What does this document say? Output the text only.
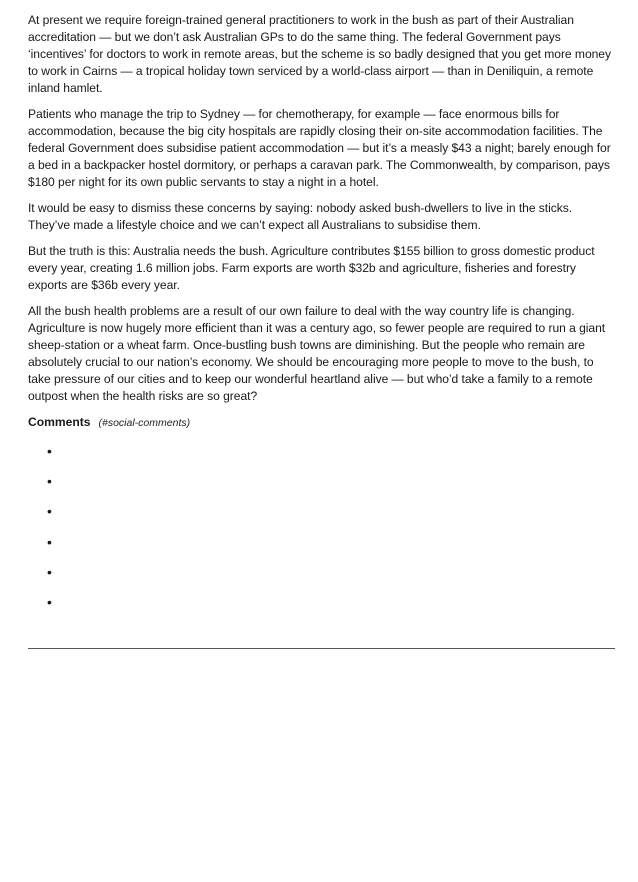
At present we require foreign-trained general practitioners to work in the bush as part of their Australian accreditation — but we don’t ask Australian GPs to do the same thing. The federal Government pays ‘incentives’ for doctors to work in remote areas, but the scheme is so badly designed that you get more money to work in Cairns — a tropical holiday town serviced by a world-class airport — than in Deniliquin, a remote inland hamlet.

Patients who manage the trip to Sydney — for chemotherapy, for example — face enormous bills for accommodation, because the big city hospitals are rapidly closing their on-site accommodation facilities. The federal Government does subsidise patient accommodation — but it’s a measly $43 a night; barely enough for a bed in a backpacker hostel dormitory, or perhaps a caravan park. The Commonwealth, by comparison, pays $180 per night for its own public servants to stay a night in a hotel.

It would be easy to dismiss these concerns by saying: nobody asked bush-dwellers to live in the sticks. They’ve made a lifestyle choice and we can’t expect all Australians to subsidise them.

But the truth is this: Australia needs the bush. Agriculture contributes $155 billion to gross domestic product every year, creating 1.6 million jobs. Farm exports are worth $32b and agriculture, fisheries and forestry exports are $36b every year.

All the bush health problems are a result of our own failure to deal with the way country life is changing. Agriculture is now hugely more efficient than it was a century ago, so fewer people are required to run a giant sheep-station or a wheat farm. Once-bustling bush towns are diminishing. But the people who remain are absolutely crucial to our nation’s economy. We should be encouraging more people to move to the bush, to take pressure of our cities and to keep our wonderful heartland alive — but who’d take a family to a remote outpost when the health risks are so great?

Comments (#social-comments)
•
•
•
•
•
•
